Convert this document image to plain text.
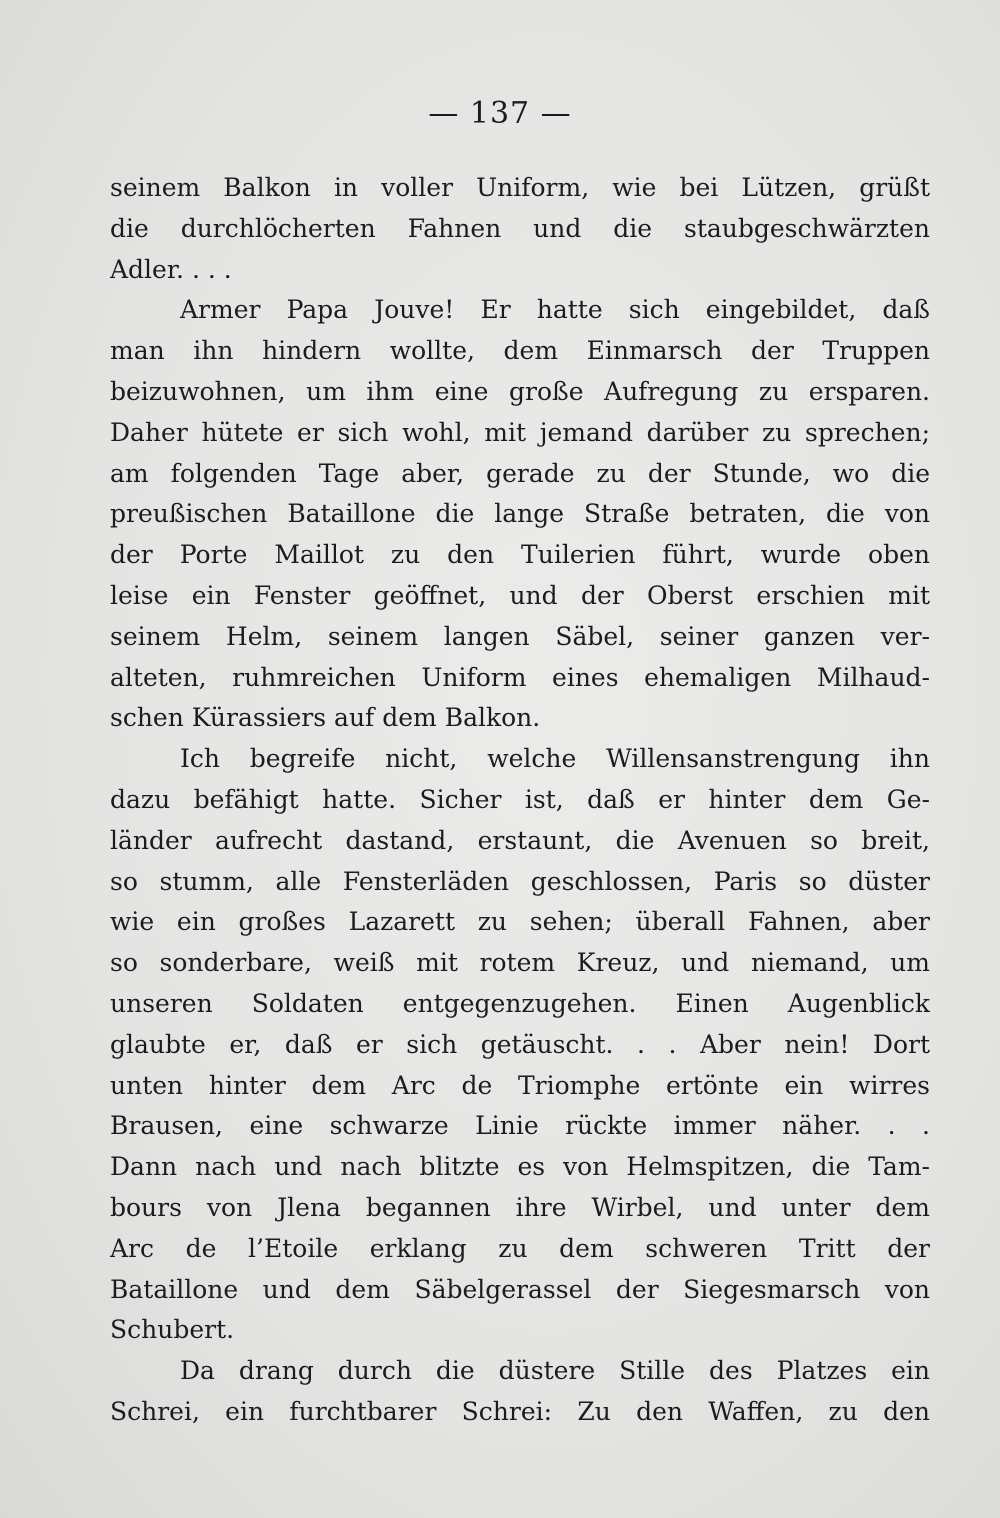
— 137 —
seinem Balkon in voller Uniform, wie bei Lützen, grüßt
die durchlöcherten Fahnen und die staubgeschwärzten
Adler. . . .
Armer Papa Jouve! Er hatte sich eingebildet, daß
man ihn hindern wollte, dem Einmarsch der Truppen
beizuwohnen, um ihm eine große Aufregung zu ersparen.
Daher hütete er sich wohl, mit jemand darüber zu sprechen;
am folgenden Tage aber, gerade zu der Stunde, wo die
preußischen Bataillone die lange Straße betraten, die von
der Porte Maillot zu den Tuilerien führt, wurde oben
leise ein Fenster geöffnet, und der Oberst erschien mit
seinem Helm, seinem langen Säbel, seiner ganzen ver-
alteten, ruhmreichen Uniform eines ehemaligen Milhaud-
schen Kürassiers auf dem Balkon.
Ich begreife nicht, welche Willensanstrengung ihn
dazu befähigt hatte. Sicher ist, daß er hinter dem Ge-
länder aufrecht dastand, erstaunt, die Avenuen so breit,
so stumm, alle Fensterläden geschlossen, Paris so düster
wie ein großes Lazarett zu sehen; überall Fahnen, aber
so sonderbare, weiß mit rotem Kreuz, und niemand, um
unseren Soldaten entgegenzugehen. Einen Augenblick
glaubte er, daß er sich getäuscht. . . Aber nein! Dort
unten hinter dem Arc de Triomphe ertönte ein wirres
Brausen, eine schwarze Linie rückte immer näher. . .
Dann nach und nach blitzte es von Helmspitzen, die Tam-
bours von Jlena begannen ihre Wirbel, und unter dem
Arc de l’Etoile erklang zu dem schweren Tritt der
Bataillone und dem Säbelgerassel der Siegesmarsch von
Schubert.
Da drang durch die düstere Stille des Platzes ein
Schrei, ein furchtbarer Schrei: Zu den Waffen, zu den
